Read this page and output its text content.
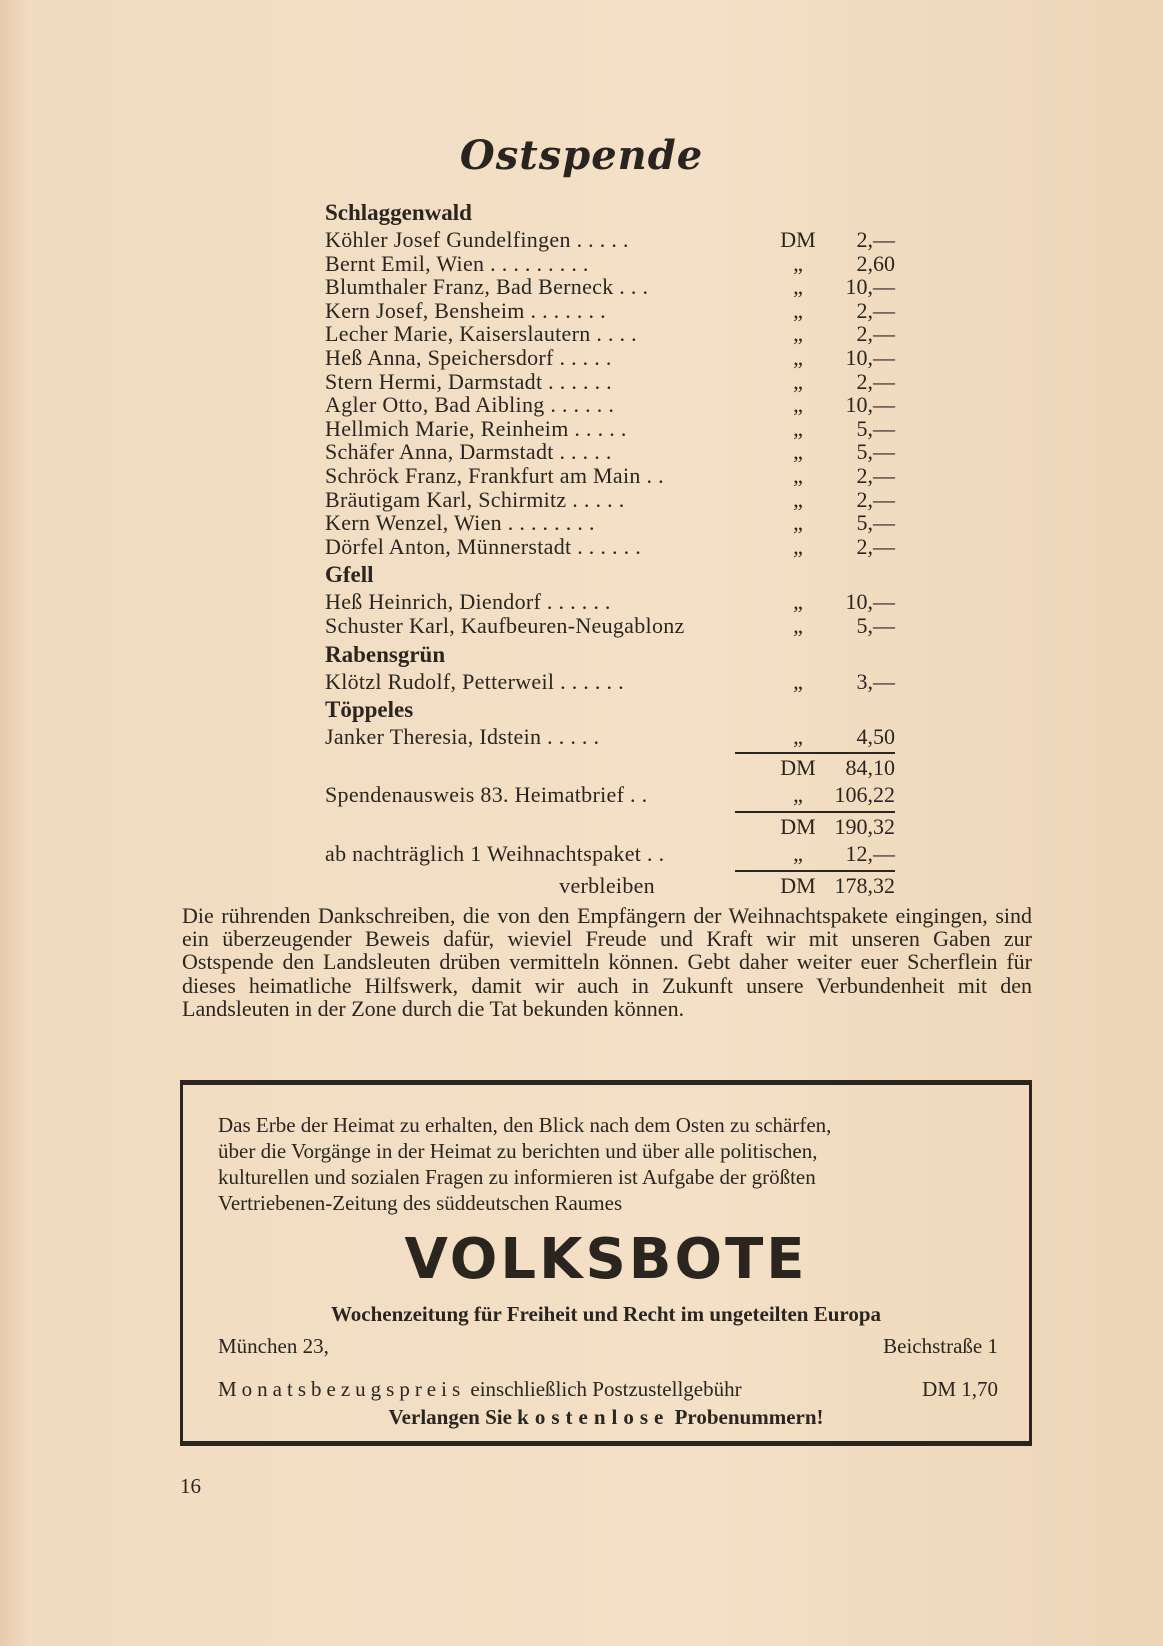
Ostspende
Schlaggenwald
Köhler Josef Gundelfingen . . . . .	DM	2,—
Bernt Emil, Wien . . . . . . . . .	„	2,60
Blumthaler Franz, Bad Berneck . . .	„	10,—
Kern Josef, Bensheim . . . . . . .	„	2,—
Lecher Marie, Kaiserslautern . . . .	„	2,—
Heß Anna, Speichersdorf . . . . .	„	10,—
Stern Hermi, Darmstadt . . . . . .	„	2,—
Agler Otto, Bad Aibling . . . . . .	„	10,—
Hellmich Marie, Reinheim . . . . .	„	5,—
Schäfer Anna, Darmstadt . . . . .	„	5,—
Schröck Franz, Frankfurt am Main . .	„	2,—
Bräutigam Karl, Schirmitz . . . . .	„	2,—
Kern Wenzel, Wien . . . . . . . .	„	5,—
Dörfel Anton, Münnerstadt . . . . . .	„	2,—
Gfell
Heß Heinrich, Diendorf . . . . . .	„	10,—
Schuster Karl, Kaufbeuren-Neugablonz	„	5,—
Rabensgrün
Klötzl Rudolf, Petterweil . . . . . .	„	3,—
Töppeles
Janker Theresia, Idstein . . . . .	„	4,50
DM	84,10
Spendenausweis 83. Heimatbrief . .	„	106,22
DM 190,32
ab nachträglich 1 Weihnachtspaket . .	„	12,—
verbleiben	DM 178,32
Die rührenden Dankschreiben, die von den Empfängern der Weihnachtspakete eingingen, sind ein überzeugender Beweis dafür, wieviel Freude und Kraft wir mit unseren Gaben zur Ostspende den Landsleuten drüben vermitteln können. Gebt daher weiter euer Scherflein für dieses heimatliche Hilfswerk, damit wir auch in Zukunft unsere Verbundenheit mit den Landsleuten in der Zone durch die Tat bekunden können.
Das Erbe der Heimat zu erhalten, den Blick nach dem Osten zu schärfen,
über die Vorgänge in der Heimat zu berichten und über alle politischen,
kulturellen und sozialen Fragen zu informieren ist Aufgabe der größten
Vertriebenen-Zeitung des süddeutschen Raumes
VOLKSBOTE
Wochenzeitung für Freiheit und Recht im ungeteilten Europa
München 23,	Beichstraße 1
Monatsbezugspreis einschließlich Postzustellgebühr	DM 1,70
Verlangen Sie kostenlose Probenummern!
16
